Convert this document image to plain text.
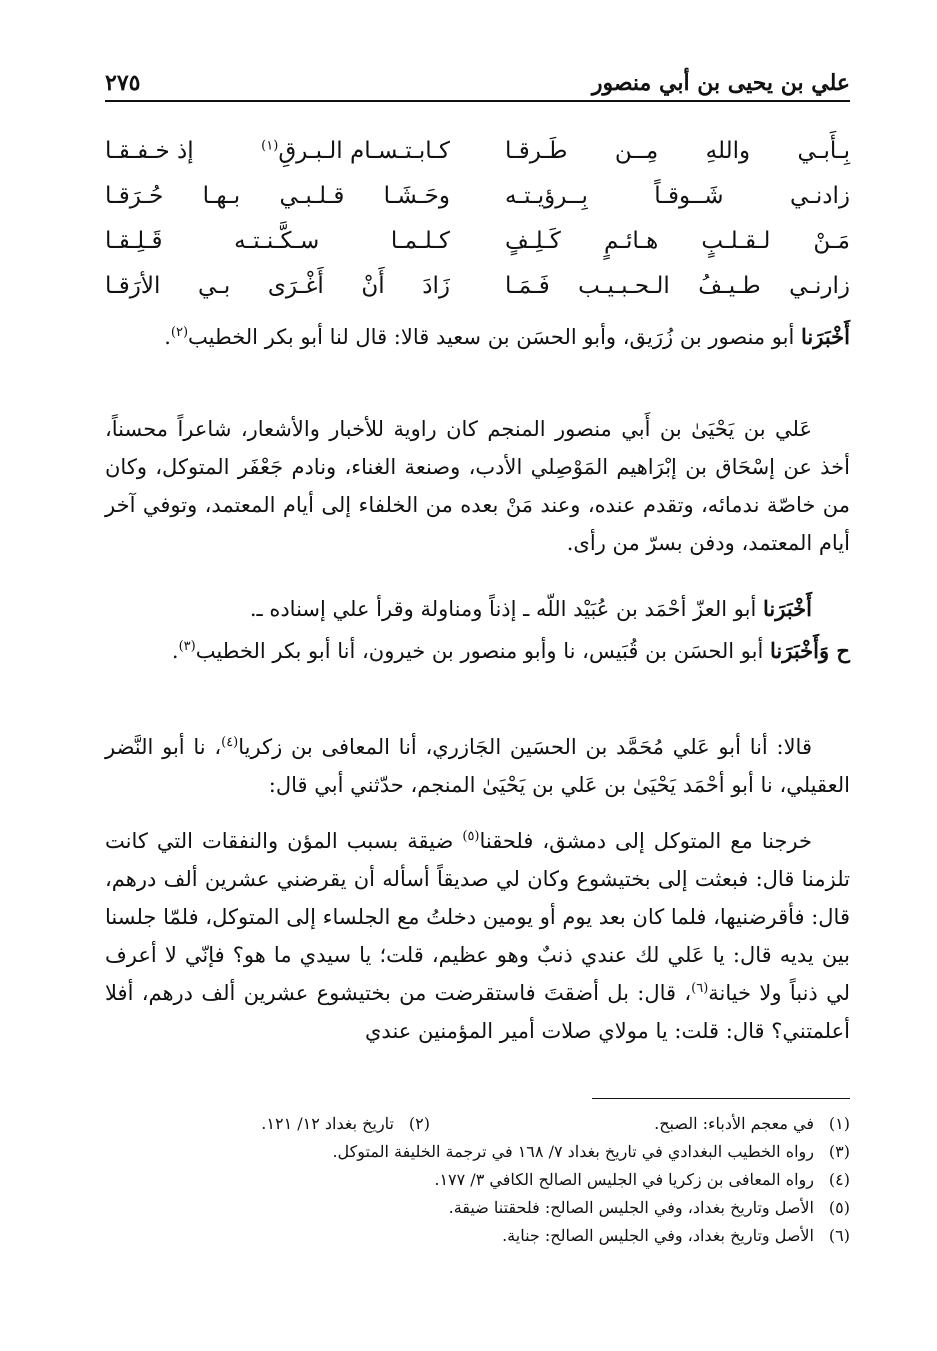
علي بن يحيى بن أبي منصور
٢٧٥
بِـأَبـي
واللهِ
مِــن
طَـرقـا
كـابـتـسـام الـبـرقِ$^{(١)}$
إذ خـفـقـا
زادنـي
شَــوقـاً
بِــرؤيـتـه
وحَـشَـا
قـلـبـي
بـهـا
حُـرَقـا
مَـنْ
لـقـلـبٍ
هـائـمٍ
كَـلِـفٍ
كـلـمـا
سـكَّـنـتـه
قَـلِـقـا
زارنـي
طـيـفُ
الـحـبـيـب
فَـمَـا
زَادَ
أَنْ
أَغْـرَى
بـي
الأرَقـا

أَخْبَرَنا أبو منصور بن زُرَيق، وأبو الحسَن بن سعيد قالا: قال لنا أبو بكر الخطيب$^{(٢)}$.

عَلي بن يَحْيَىٰ بن أَبي منصور المنجم كان راوية للأخبار والأشعار، شاعراً محسناً، أخذ عن إسْحَاق بن إبْرَاهيم المَوْصِلي الأدب، وصنعة الغناء، ونادم جَعْفَر المتوكل، وكان من خاصّة ندمائه، وتقدم عنده، وعند مَنْ بعده من الخلفاء إلى أيام المعتمد، وتوفي آخر أيام المعتمد، ودفن بسرّ من رأى.

أَخْبَرَنا أبو العزّ أحْمَد بن عُبَيْد اللّه ـ إذناً ومناولة وقرأ علي إسناده ـ.

ح وَأَخْبَرَنا أبو الحسَن بن قُبَيس، نا وأبو منصور بن خيرون، أنا أبو بكر الخطيب$^{(٣)}$.

قالا: أنا أبو عَلي مُحَمَّد بن الحسَين الجَازري، أنا المعافى بن زكريا$^{(٤)}$، نا أبو النَّضر العقيلي، نا أبو أحْمَد يَحْيَىٰ بن عَلي بن يَحْيَىٰ المنجم، حدّثني أبي قال:

خرجنا مع المتوكل إلى دمشق، فلحقنا$^{(٥)}$ ضيقة بسبب المؤن والنفقات التي كانت تلزمنا قال: فبعثت إلى بختيشوع وكان لي صديقاً أسأله أن يقرضني عشرين ألف درهم، قال: فأقرضنيها، فلما كان بعد يوم أو يومين دخلتُ مع الجلساء إلى المتوكل، فلمّا جلسنا بين يديه قال: يا عَلي لك عندي ذنبٌ وهو عظيم، قلت؛ يا سيدي ما هو؟ فإنّي لا أعرف لي ذنباً ولا خيانة$^{(٦)}$، قال: بل أضقتَ فاستقرضت من بختيشوع عشرين ألف درهم، أفلا أعلمتني؟ قال: قلت: يا مولاي صلات أمير المؤمنين عندي

(١)
في معجم الأدباء: الصبح.
(٢)
تاريخ بغداد ١٢/ ١٢١.
(٣)
رواه الخطيب البغدادي في تاريخ بغداد ٧/ ١٦٨ في ترجمة الخليفة المتوكل.
(٤)
رواه المعافى بن زكريا في الجليس الصالح الكافي ٣/ ١٧٧.
(٥)
الأصل وتاريخ بغداد، وفي الجليس الصالح: فلحقتنا ضيقة.
(٦)
الأصل وتاريخ بغداد، وفي الجليس الصالح: جناية.
